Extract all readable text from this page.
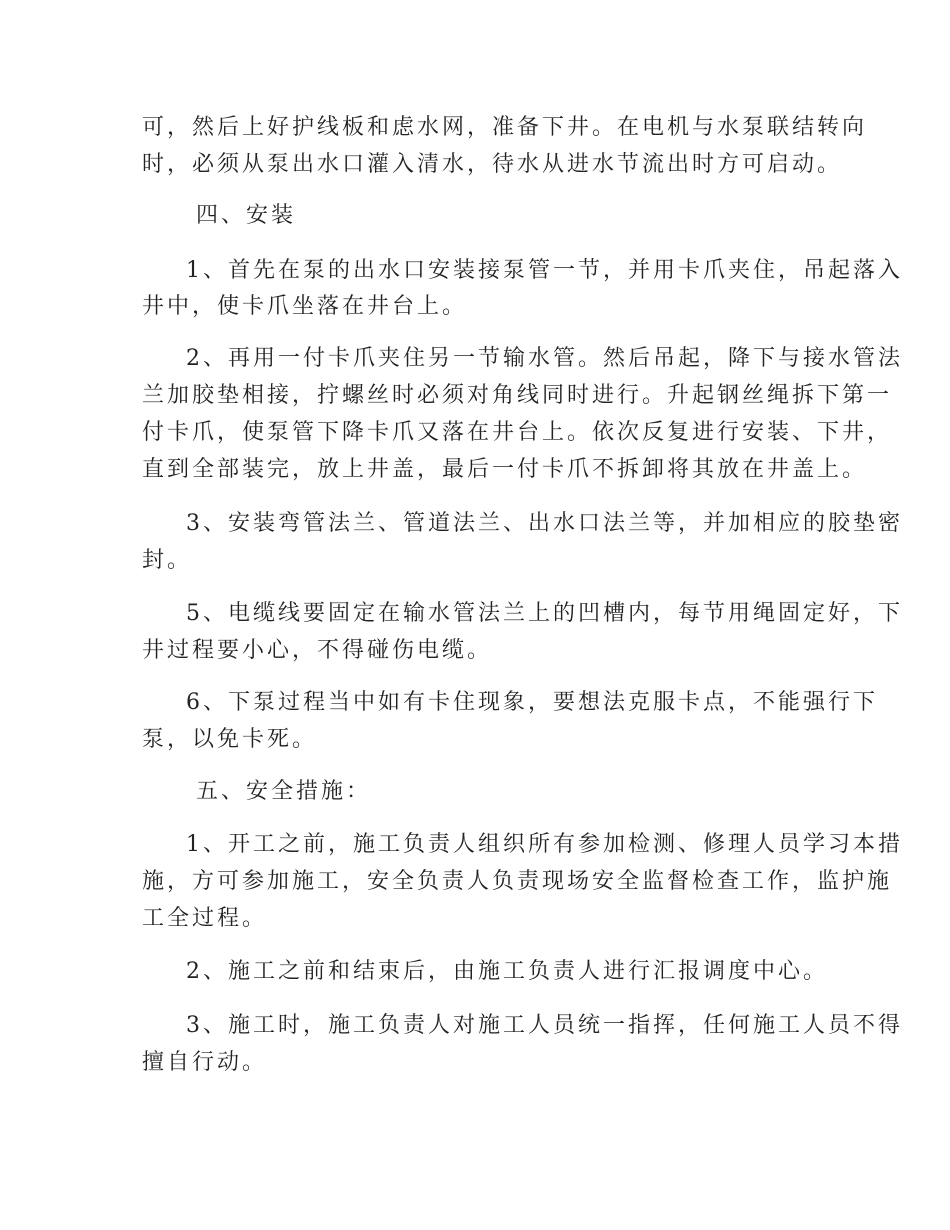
可，然后上好护线板和虑水网，准备下井。在电机与水泵联结转向
时，必须从泵出水口灌入清水，待水从进水节流出时方可启动。
四、安装
1、首先在泵的出水口安装接泵管一节，并用卡爪夹住，吊起落入
井中，使卡爪坐落在井台上。
2、再用一付卡爪夹住另一节输水管。然后吊起，降下与接水管法
兰加胶垫相接，拧螺丝时必须对角线同时进行。升起钢丝绳拆下第一
付卡爪，使泵管下降卡爪又落在井台上。依次反复进行安装、下井，
直到全部装完，放上井盖，最后一付卡爪不拆卸将其放在井盖上。
3、安装弯管法兰、管道法兰、出水口法兰等，并加相应的胶垫密
封。
5、电缆线要固定在输水管法兰上的凹槽内，每节用绳固定好，下
井过程要小心，不得碰伤电缆。
6、下泵过程当中如有卡住现象，要想法克服卡点，不能强行下
泵，以免卡死。
五、安全措施：
1、开工之前，施工负责人组织所有参加检测、修理人员学习本措
施，方可参加施工，安全负责人负责现场安全监督检查工作，监护施
工全过程。
2、施工之前和结束后，由施工负责人进行汇报调度中心。
3、施工时，施工负责人对施工人员统一指挥，任何施工人员不得
擅自行动。
